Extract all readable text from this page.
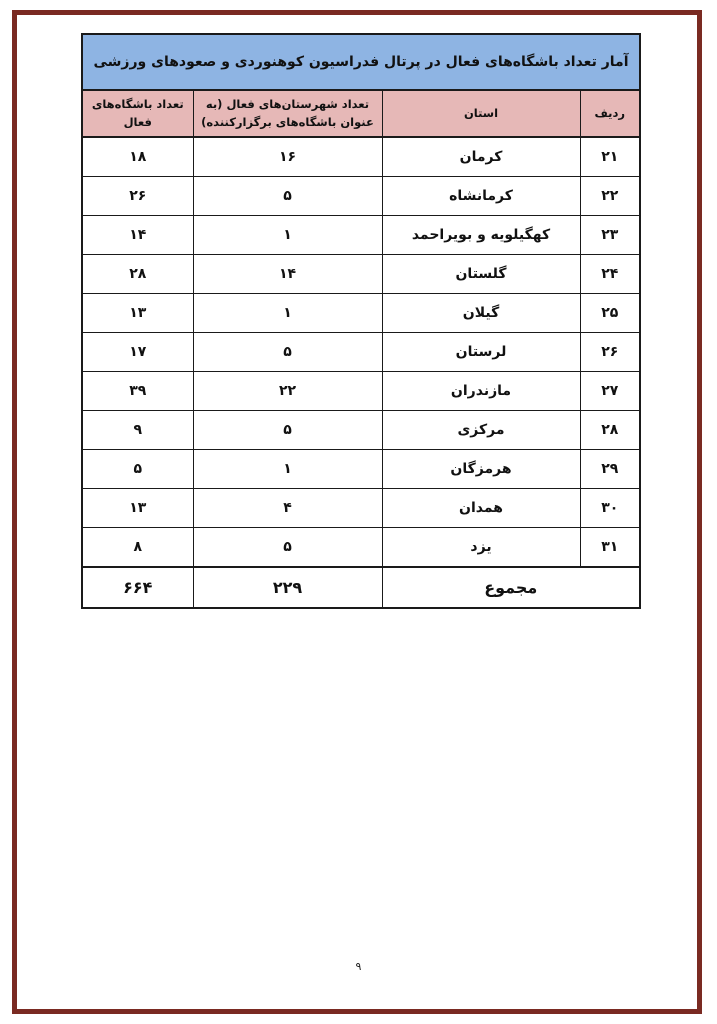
آمار تعداد باشگاه‌های فعال در پرتال فدراسیون کوهنوردی و صعودهای ورزشی			
ردیف	استان	تعداد شهرستان‌های فعال (به عنوان باشگاه‌های برگزارکننده)	تعداد باشگاه‌های فعال
۲۱	کرمان	۱۶	۱۸
۲۲	کرمانشاه	۵	۲۶
۲۳	کهگیلویه و بویراحمد	۱	۱۴
۲۴	گلستان	۱۴	۲۸
۲۵	گیلان	۱	۱۳
۲۶	لرستان	۵	۱۷
۲۷	مازندران	۲۲	۳۹
۲۸	مرکزی	۵	۹
۲۹	هرمزگان	۱	۵
۳۰	همدان	۴	۱۳
۳۱	یزد	۵	۸
مجموع		۲۲۹	۶۶۴
۹
